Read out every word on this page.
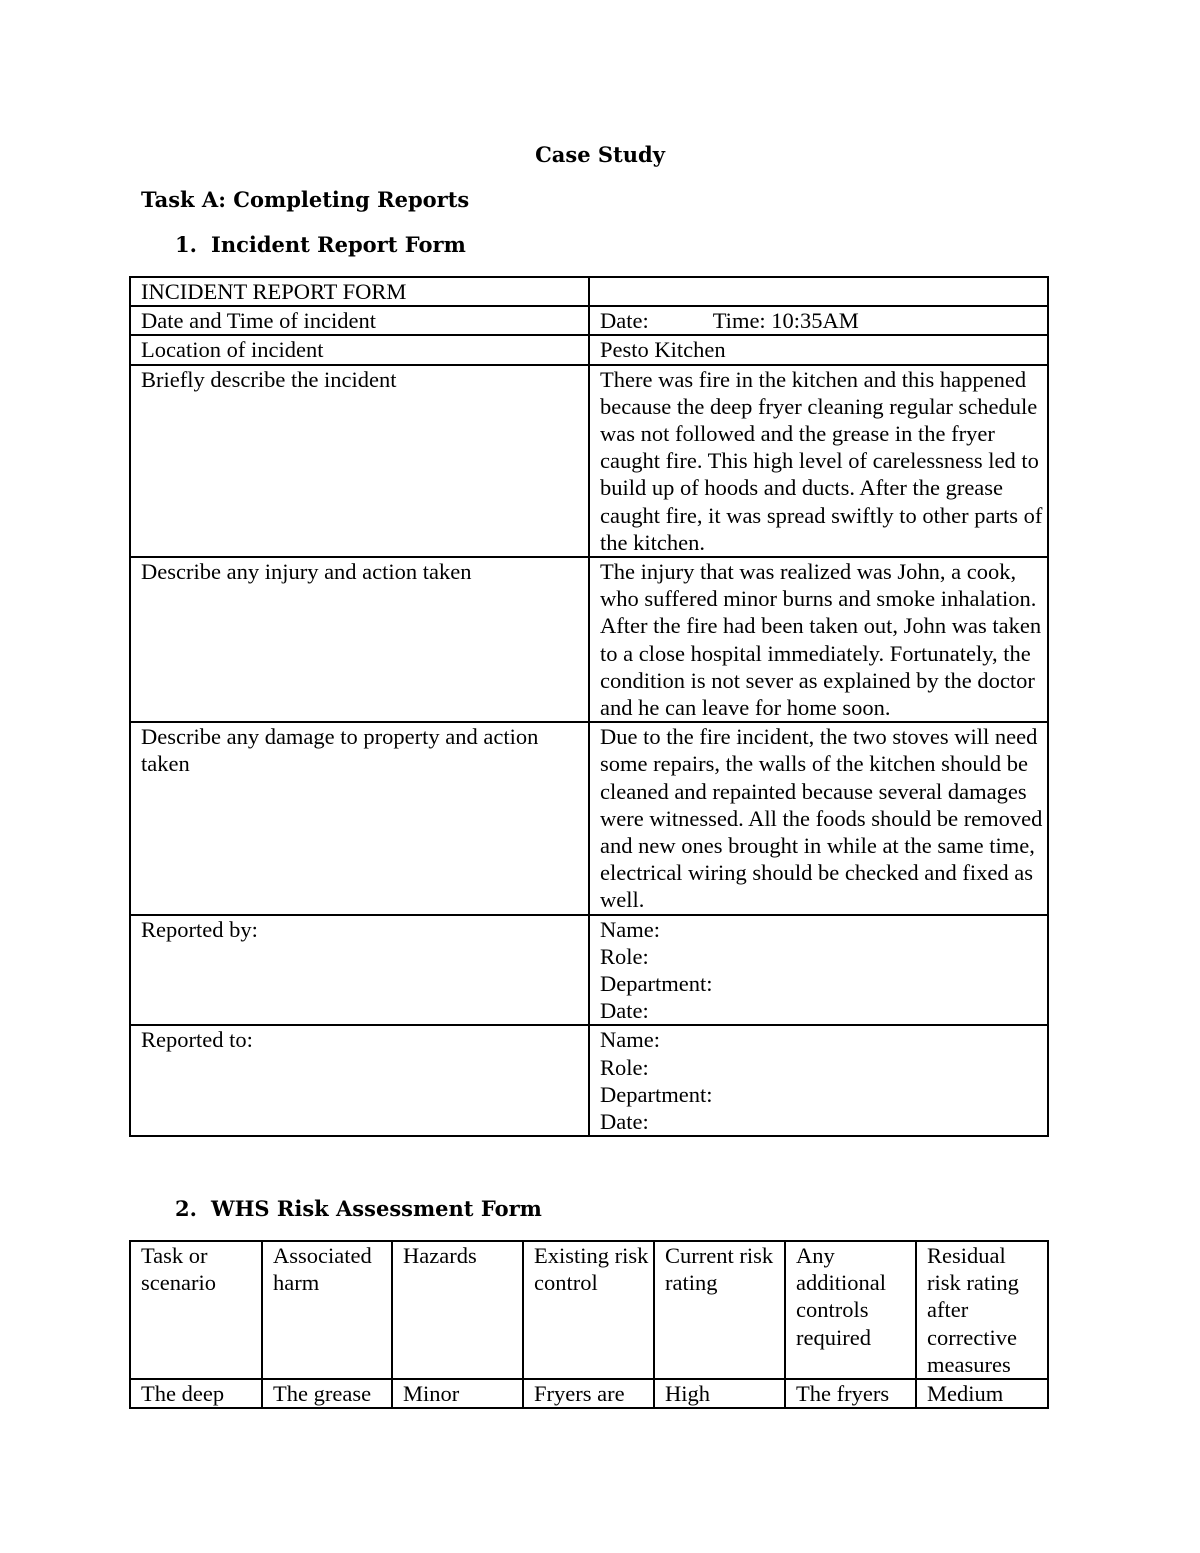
Case Study
Task A: Completing Reports
1. Incident Report Form
INCIDENT REPORT FORM	
Date and Time of incident	Date: Time: 10:35AM
Location of incident	Pesto Kitchen
Briefly describe the incident	There was fire in the kitchen and this happened because the deep fryer cleaning regular schedule was not followed and the grease in the fryer caught fire. This high level of carelessness led to build up of hoods and ducts. After the grease caught fire, it was spread swiftly to other parts of the kitchen.
Describe any injury and action taken	The injury that was realized was John, a cook, who suffered minor burns and smoke inhalation. After the fire had been taken out, John was taken to a close hospital immediately. Fortunately, the condition is not sever as explained by the doctor and he can leave for home soon.
Describe any damage to property and action taken	Due to the fire incident, the two stoves will need some repairs, the walls of the kitchen should be cleaned and repainted because several damages were witnessed. All the foods should be removed and new ones brought in while at the same time, electrical wiring should be checked and fixed as well.
Reported by:	Name:
Role:
Department:
Date:
Reported to:	Name:
Role:
Department:
Date:
2. WHS Risk Assessment Form
Task or scenario	Associated harm	Hazards	Existing risk control	Current risk rating	Any additional controls required	Residual risk rating after corrective measures
The deep	The grease	Minor	Fryers are	High	The fryers	Medium
